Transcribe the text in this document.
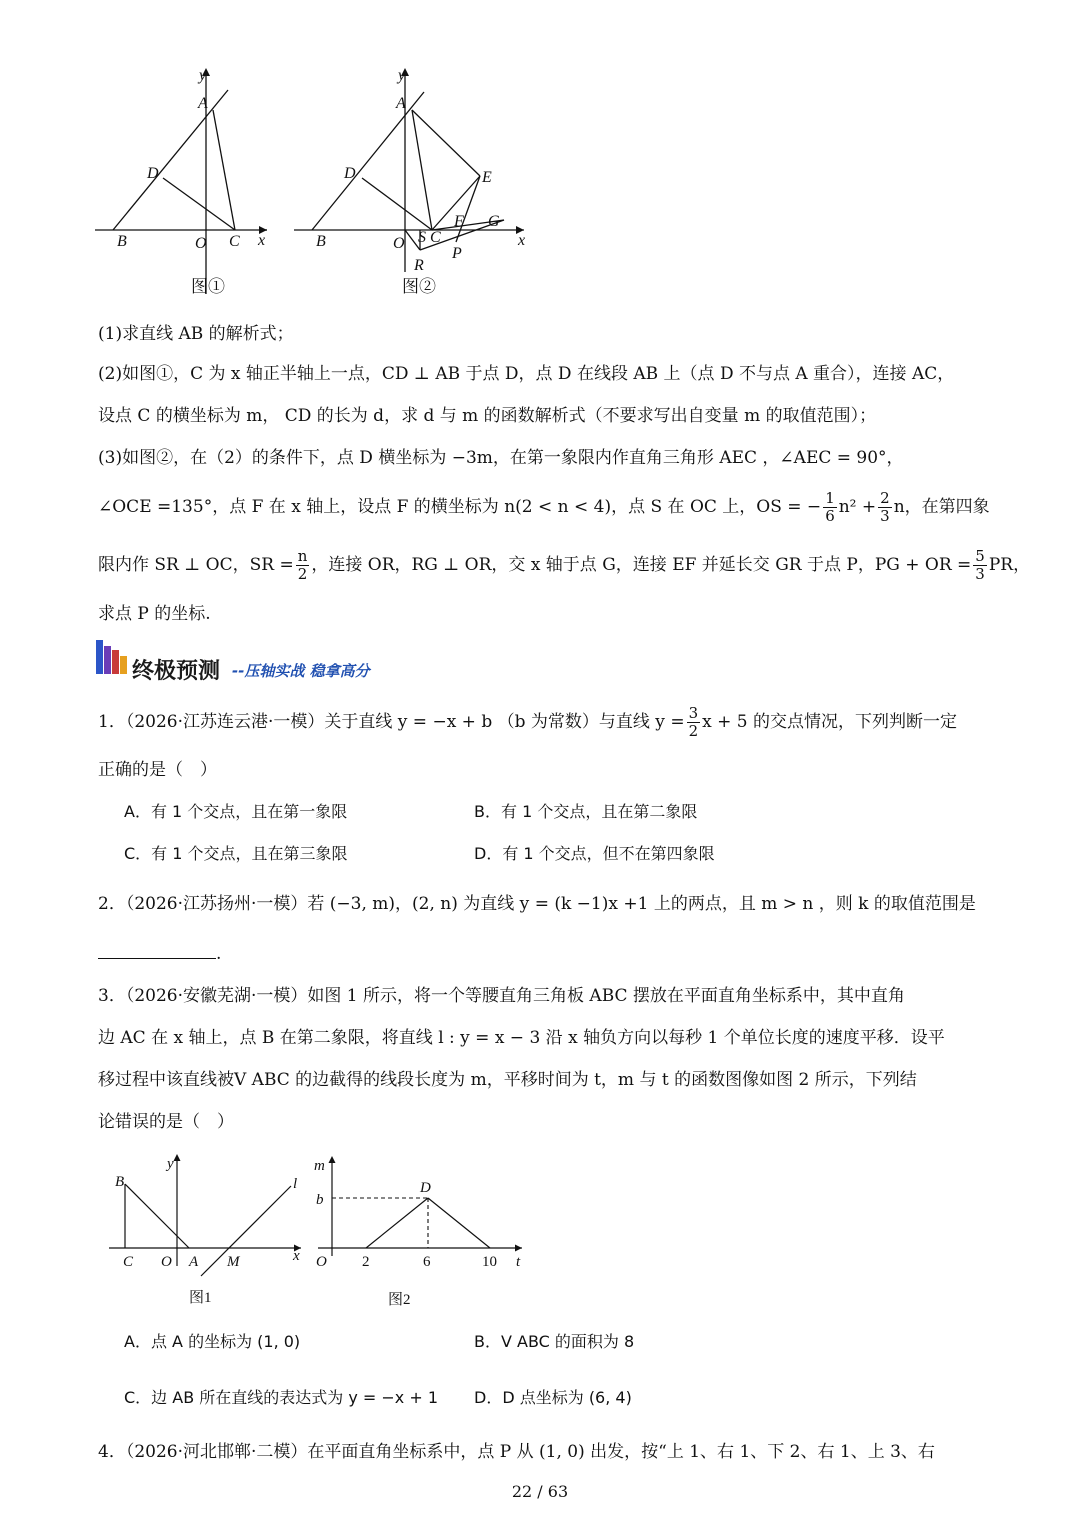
y
A
D
B	O C x
图①
y
A
D	E
F G
B	O S C
P
R
x
图②
(1)求直线 AB 的解析式；
(2)如图①，C 为 x 轴正半轴上一点，CD ⊥ AB 于点 D，点 D 在线段 AB 上（点 D 不与点 A 重合），连接 AC，
设点 C 的横坐标为 m， CD 的长为 d，求 d 与 m 的函数解析式（不要求写出自变量 m 的取值范围）；
(3)如图②，在（2）的条件下，点 D 横坐标为 −3m，在第一象限内作直角三角形 AEC ，∠AEC = 90°，
∠OCE =135°，点 F 在 x 轴上，设点 F 的横坐标为 n(2 < n < 4)，点 S 在 OC 上，OS = − $\frac{1}{6} n^2 + \frac{2}{3}$ n，在第四象
限内作 SR ⊥ OC，SR = $\frac{n}{2}$ ，连接 OR，RG ⊥ OR，交 x 轴于点 G，连接 EF 并延长交 GR 于点 P，PG + OR = $\frac{5}{3}$ PR，
求点 P 的坐标.
终极预测 --压轴实战 稳拿高分
1．（2026·江苏连云港·一模）关于直线 y = −x + b （b 为常数）与直线 $y = \frac{3}{2}$ x + 5 的交点情况，下列判断一定
正确的是（　）
A．有 1 个交点，且在第一象限	B．有 1 个交点，且在第二象限
C．有 1 个交点，且在第三象限	D．有 1 个交点，但不在第四象限
2．（2026·江苏扬州·一模）若 (−3, m)，(2, n) 为直线 y = (k −1)x +1 上的两点，且 m > n ，则 k 的取值范围是
.
3．（2026·安徽芜湖·一模）如图 1 所示，将一个等腰直角三角板 ABC 摆放在平面直角坐标系中，其中直角
边 AC 在 x 轴上，点 B 在第二象限，将直线 l : y = x − 3 沿 x 轴负方向以每秒 1 个单位长度的速度平移．设平
移过程中该直线被V ABC 的边截得的线段长度为 m，平移时间为 t，m 与 t 的函数图像如图 2 所示，下列结
论错误的是（　）
B
y
l
C O A M	x
图1
m
b
D
O 2	6	10 t
图2
A．点 A 的坐标为 (1, 0)	B．V ABC 的面积为 8
C．边 AB 所在直线的表达式为 y = −x + 1 D．D 点坐标为 (6, 4)
4．（2026·河北邯郸·二模）在平面直角坐标系中，点 P 从 (1, 0) 出发，按“上 1、右 1、下 2、右 1、上 3、右
22 / 63
